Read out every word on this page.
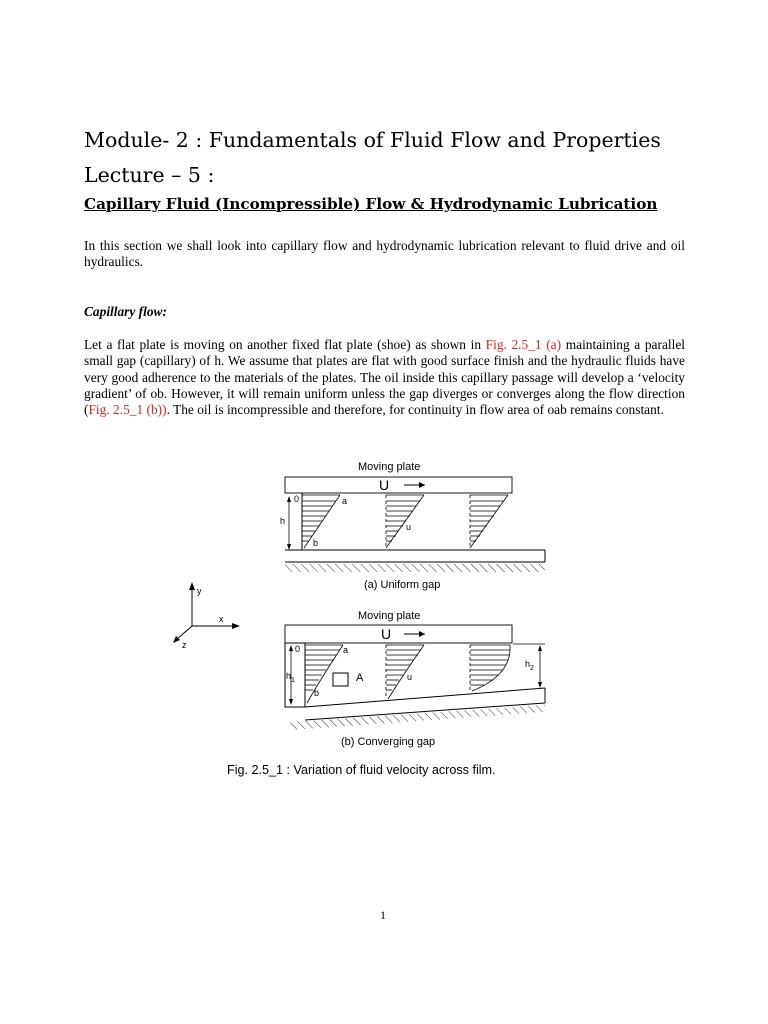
Module- 2 : Fundamentals of Fluid Flow and Properties
Lecture – 5 :
Capillary Fluid (Incompressible) Flow & Hydrodynamic Lubrication

In this section we shall look into capillary flow and hydrodynamic lubrication relevant to fluid drive and oil hydraulics.

Capillary flow:

Let a flat plate is moving on another fixed flat plate (shoe) as shown in Fig. 2.5_1 (a) maintaining a parallel small gap (capillary) of h. We assume that plates are flat with good surface finish and the hydraulic fluids have very good adherence to the materials of the plates. The oil inside this capillary passage will develop a ‘velocity gradient’ of ob. However, it will remain uniform unless the gap diverges or converges along the flow direction (Fig. 2.5_1 (b)). The oil is incompressible and therefore, for continuity in flow area of oab remains constant.

Moving plate
U
0	a
h
b
u
(a) Uniform gap
y
x
z
Moving plate
U
0	a
$h_1$
b
A	u
$h_2$
(b) Converging gap

Fig. 2.5_1 : Variation of fluid velocity across film.

1
